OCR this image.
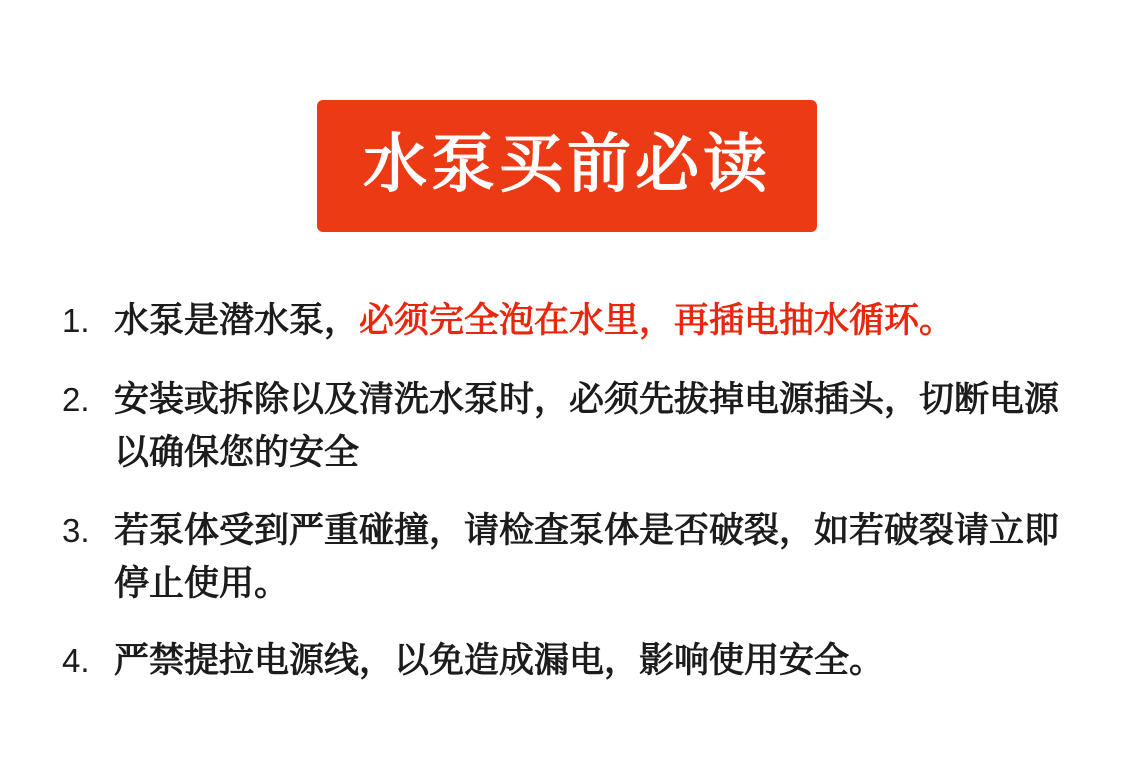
水泵买前必读
1. 水泵是潜水泵，必须完全泡在水里，再插电抽水循环。
2. 安装或拆除以及清洗水泵时，必须先拔掉电源插头，切断电源以确保您的安全
3. 若泵体受到严重碰撞，请检查泵体是否破裂，如若破裂请立即停止使用。
4. 严禁提拉电源线，以免造成漏电，影响使用安全。
